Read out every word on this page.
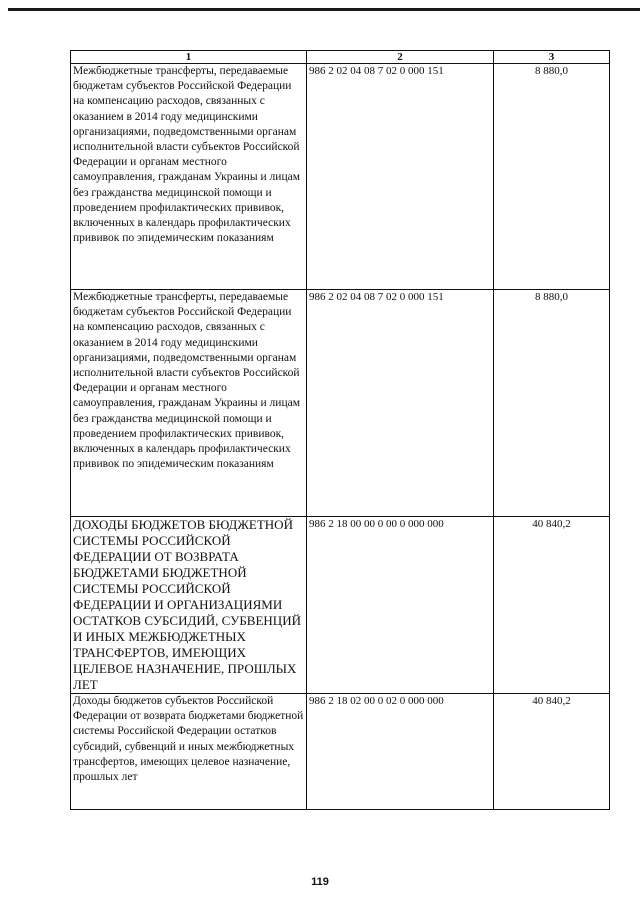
1	2	3
Межбюджетные трансферты, передаваемые бюджетам субъектов Российской Федерации на компенсацию расходов, связанных с оказанием в 2014 году медицинскими организациями, подведомственными органам исполнительной власти субъектов Российской Федерации и органам местного самоуправления, гражданам Украины и лицам без гражданства медицинской помощи и проведением профилактических прививок, включенных в календарь профилактических прививок по эпидемическим показаниям	986 2 02 04 08 7 02 0 000 151	8 880,0
Межбюджетные трансферты, передаваемые бюджетам субъектов Российской Федерации на компенсацию расходов, связанных с оказанием в 2014 году медицинскими организациями, подведомственными органам исполнительной власти субъектов Российской Федерации и органам местного самоуправления, гражданам Украины и лицам без гражданства медицинской помощи и проведением профилактических прививок, включенных в календарь профилактических прививок по эпидемическим показаниям	986 2 02 04 08 7 02 0 000 151	8 880,0
ДОХОДЫ БЮДЖЕТОВ БЮДЖЕТНОЙ СИСТЕМЫ РОССИЙСКОЙ ФЕДЕРАЦИИ ОТ ВОЗВРАТА БЮДЖЕТАМИ БЮДЖЕТНОЙ СИСТЕМЫ РОССИЙСКОЙ ФЕДЕРАЦИИ И ОРГАНИЗАЦИЯМИ ОСТАТКОВ СУБСИДИЙ, СУБВЕНЦИЙ И ИНЫХ МЕЖБЮДЖЕТНЫХ ТРАНСФЕРТОВ, ИМЕЮЩИХ ЦЕЛЕВОЕ НАЗНАЧЕНИЕ, ПРОШЛЫХ ЛЕТ	986 2 18 00 00 0 00 0 000 000	40 840,2
Доходы бюджетов субъектов Российской Федерации от возврата бюджетами бюджетной системы Российской Федерации остатков субсидий, субвенций и иных межбюджетных трансфертов, имеющих целевое назначение, прошлых лет	986 2 18 02 00 0 02 0 000 000	40 840,2
119
